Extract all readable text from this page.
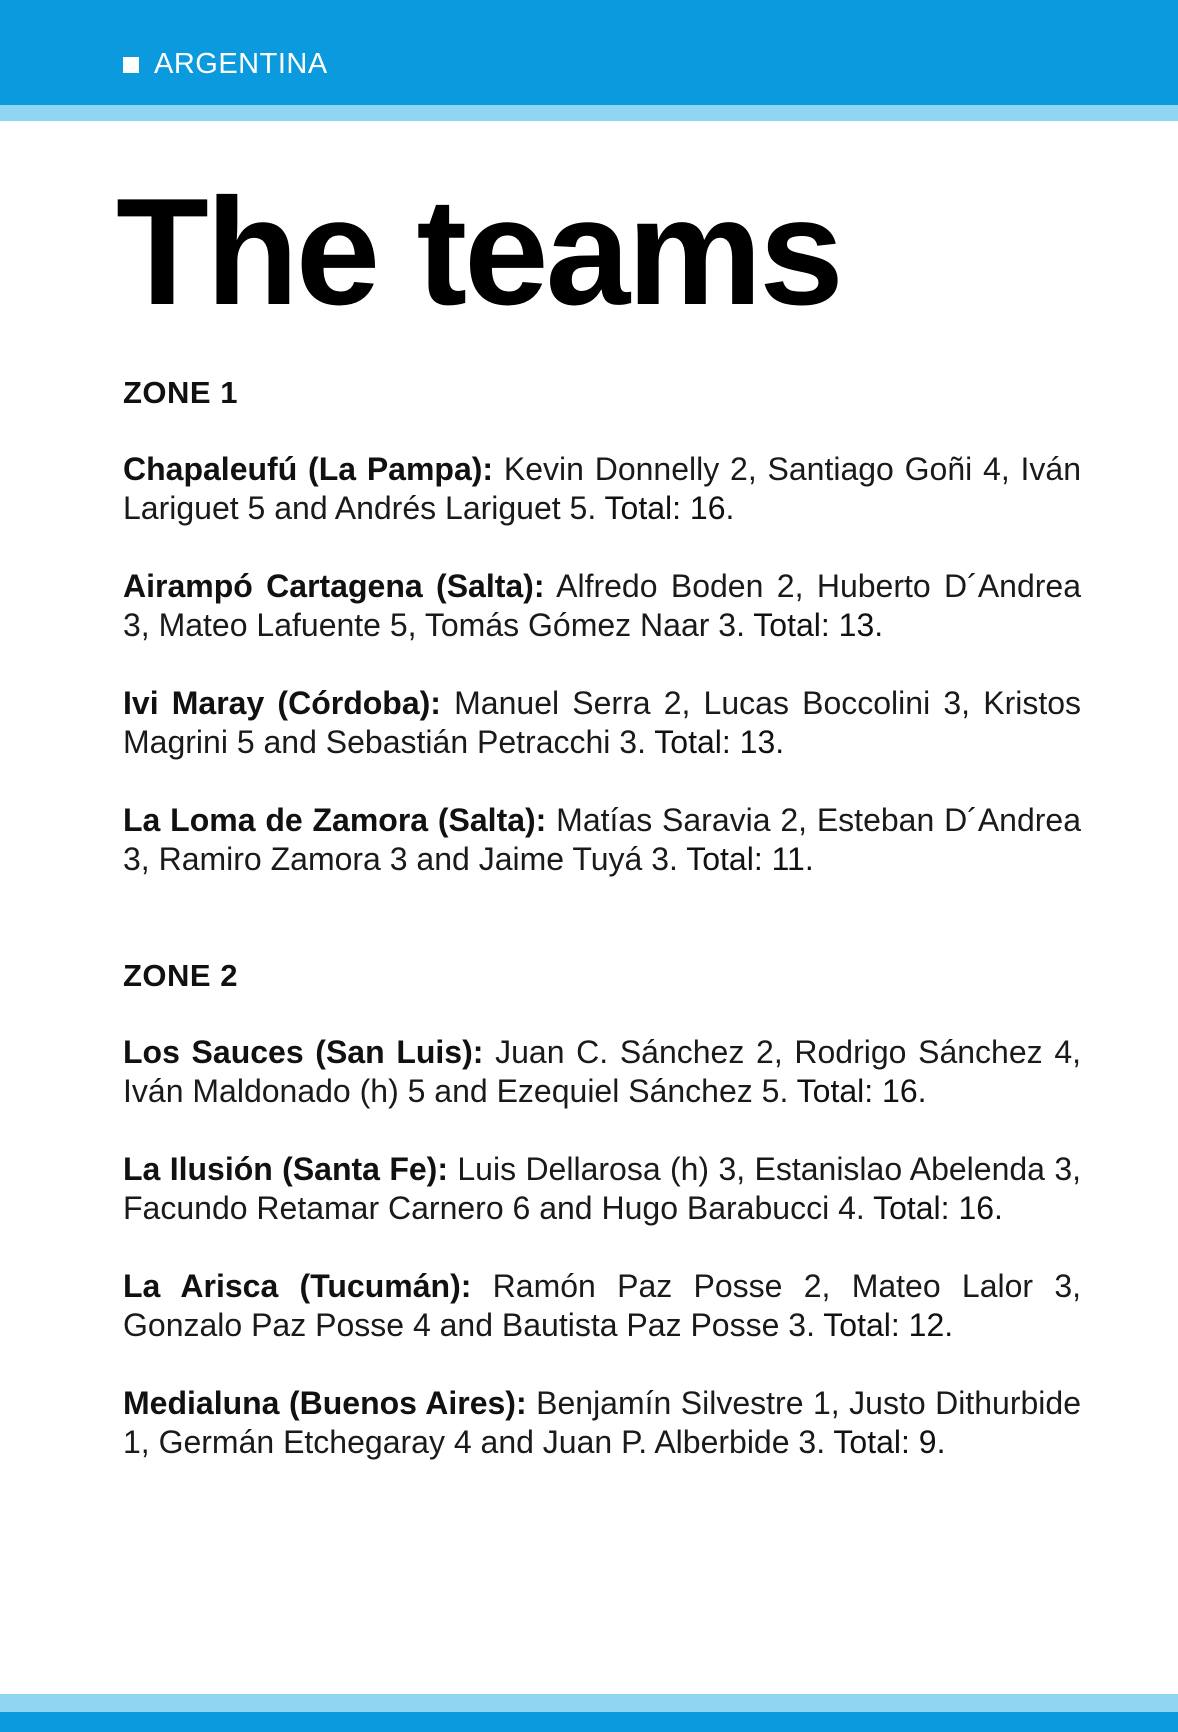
ARGENTINA
The teams
ZONE 1

Chapaleufú (La Pampa): Kevin Donnelly 2, Santiago Goñi 4, Iván Lariguet 5 and Andrés Lariguet 5. Total: 16.

Airampó Cartagena (Salta): Alfredo Boden 2, Huberto D´Andrea 3, Mateo Lafuente 5, Tomás Gómez Naar 3. Total: 13.

Ivi Maray (Córdoba): Manuel Serra 2, Lucas Boccolini 3, Kristos Magrini 5 and Sebastián Petracchi 3. Total: 13.

La Loma de Zamora (Salta): Matías Saravia 2, Esteban D´Andrea 3, Ramiro Zamora 3 and Jaime Tuyá 3. Total: 11.

ZONE 2

Los Sauces (San Luis): Juan C. Sánchez 2, Rodrigo Sánchez 4, Iván Maldonado (h) 5 and Ezequiel Sánchez 5. Total: 16.

La Ilusión (Santa Fe): Luis Dellarosa (h) 3, Estanislao Abelenda 3, Facundo Retamar Carnero 6 and Hugo Barabucci 4. Total: 16.

La Arisca (Tucumán): Ramón Paz Posse 2, Mateo Lalor 3, Gonzalo Paz Posse 4 and Bautista Paz Posse 3. Total: 12.

Medialuna (Buenos Aires): Benjamín Silvestre 1, Justo Dithurbide 1, Germán Etchegaray 4 and Juan P. Alberbide 3. Total: 9.
